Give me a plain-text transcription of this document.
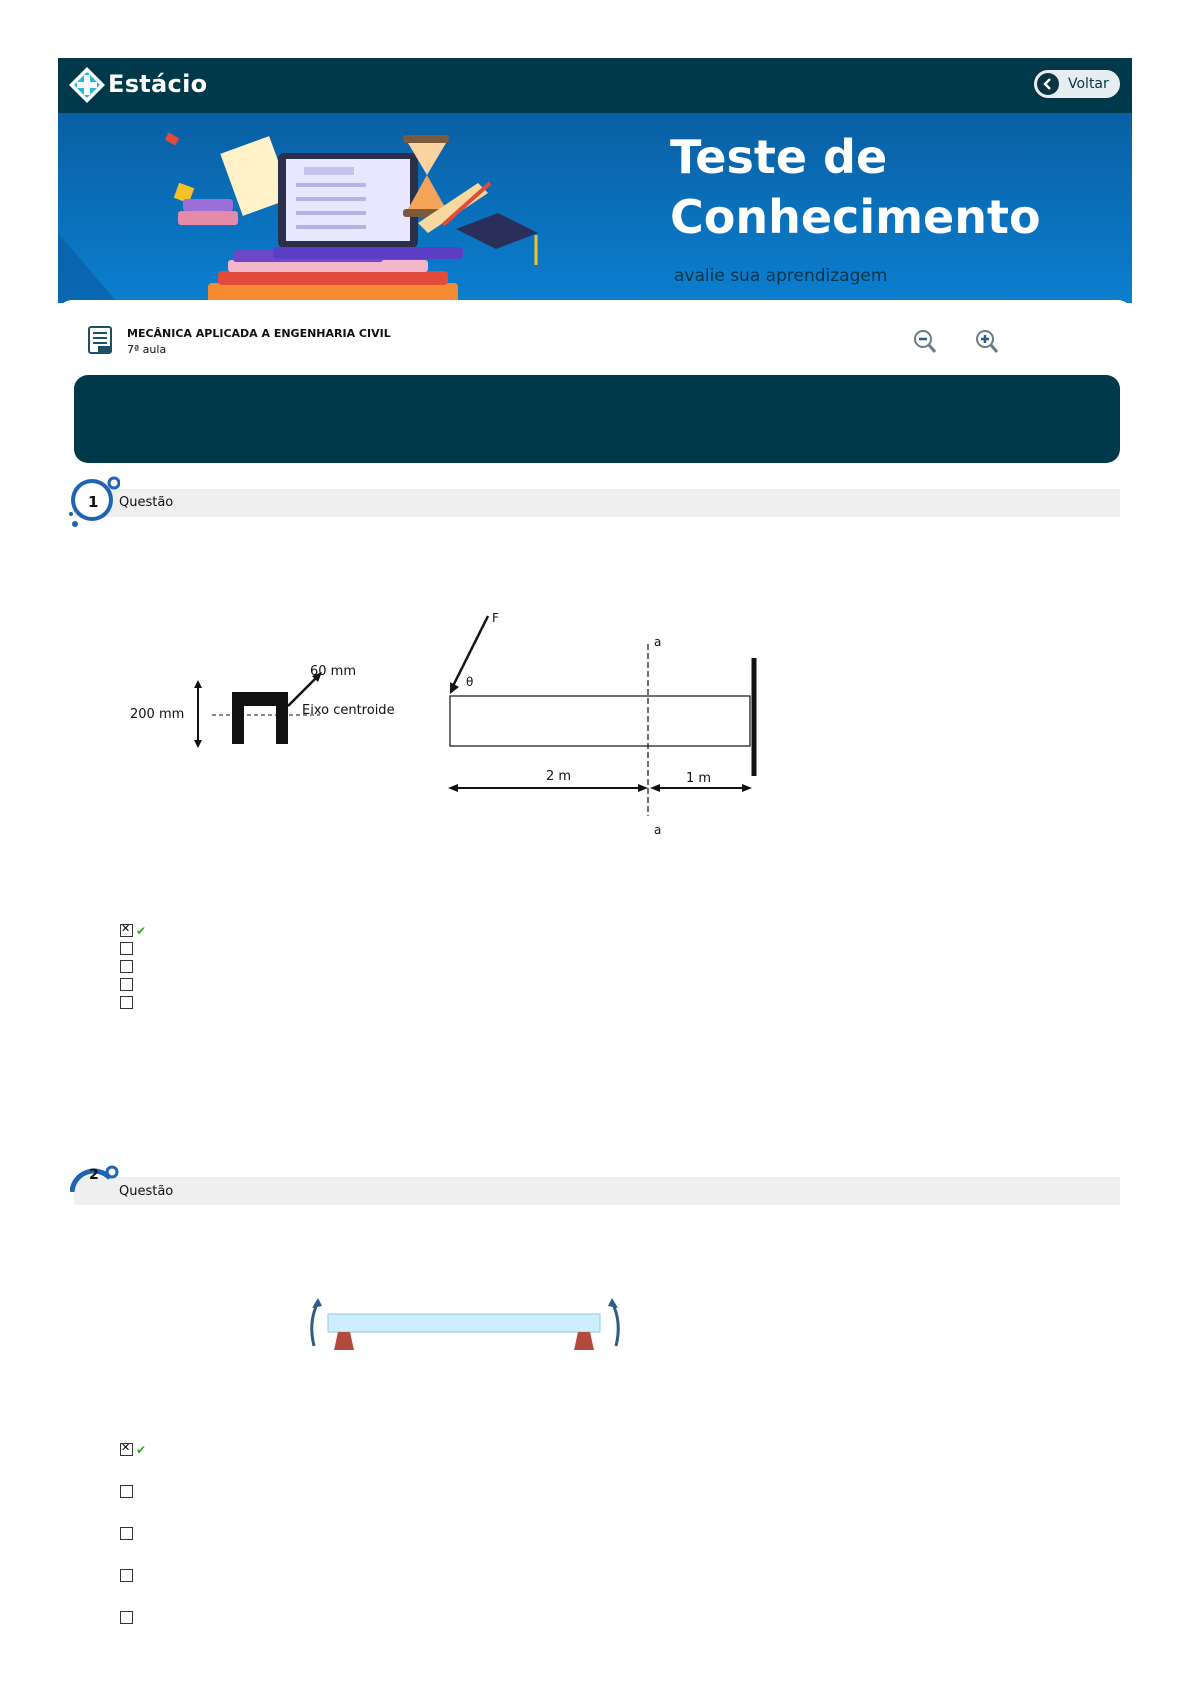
Estácio	Voltar
Teste de
Conhecimento
avalie sua aprendizagem
MECÂNICA APLICADA A ENGENHARIA CIVIL
7ª aula
1 Questão
200 mm
60 mm
Eixo centroide
F
θ
a
a
2 m	1 m
✕
✔
2
Questão
✕
✔
